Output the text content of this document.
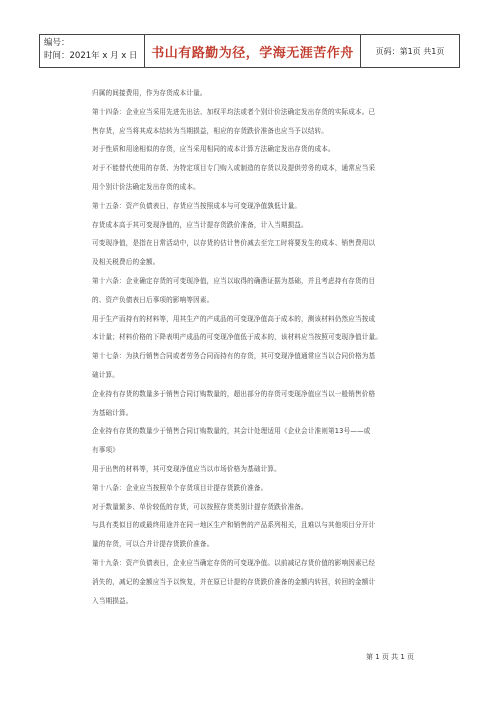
编号：
时间：2021年 x 月 x 日 书山有路勤为径，学海无涯苦作舟	页码：第1页 共1页

归属的间接费用，作为存货成本计量。

第十四条：企业应当采用先进先出法、加权平均法或者个别计价法确定发出存货的实际成本。已

售存货，应当将其成本结转为当期损益，相应的存货跌价准备也应当予以结转。

对于性质和用途相似的存货，应当采用相同的成本计算方法确定发出存货的成本。

对于不能替代使用的存货、为特定项目专门购入或制造的存货以及提供劳务的成本，通常应当采

用个别计价法确定发出存货的成本。

第十五条：资产负债表日，存货应当按照成本与可变现净值孰低计量。

存货成本高于其可变现净值的，应当计提存货跌价准备，计入当期损益。

可变现净值，是指在日常活动中，以存货的估计售价减去至完工时将要发生的成本、销售费用以

及相关税费后的金额。

第十六条：企业确定存货的可变现净值，应当以取得的确凿证据为基础，并且考虑持有存货的目

的、资产负债表日后事项的影响等因素。

用于生产而持有的材料等，用其生产的产成品的可变现净值高于成本的，测该材料仍然应当按成

本计量；材料价格的下降表明产成品的可变现净值低于成本的，该材料应当按照可变现净值计量。

第十七条：为执行销售合同或者劳务合同而持有的存货，其可变现净值通常应当以合同价格为基

础计算。

企业持有存货的数量多于销售合同订购数量的，超出部分的存货可变现净值应当以一般销售价格

为基础计算。

企业持有存货的数量少于销售合同订购数量的，其会计处理适用《企业会计准则第13号——或

有事项》

用于出售的材料等，其可变现净值应当以市场价格为基础计算。

第十八条：企业应当按照单个存货项目计提存货跌价准备。

对于数量繁多、单价较低的存货，可以按照存货类别计提存货跌价准备。

与具有类似目的或最终用途并在同一地区生产和销售的产品系列相关，且难以与其他项目分开计

量的存货，可以合并计提存货跌价准备。

第十九条：资产负债表日，企业应当确定存货的可变现净值。以前减记存货价值的影响因素已经

消失的，减记的金额应当予以恢复，并在原已计提的存货跌价准备的金额内转回，转回的金额计

入当期损益。

第 1 页 共 1 页
